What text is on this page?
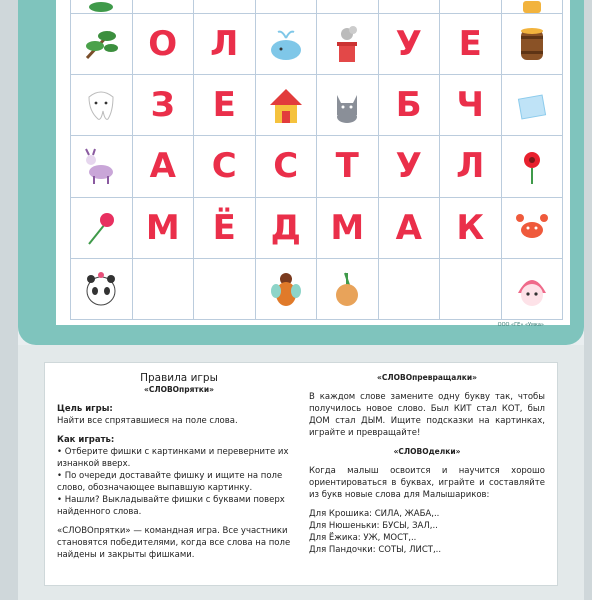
О Л	У Е
З Е	Б Ч
А С С Т У Л
М Ё Д М А К
ООО «ГЕ» «Умка»

Правила игры

«СЛОВОпрятки»

Цель игры:

Найти все спрятавшиеся на поле слова.

Как играть:

• Отберите фишки с картинками и переверните их изнанкой вверх.

• По очереди доставайте фишку и ищите на поле слово, обозначающее выпавшую картинку.

• Нашли? Выкладывайте фишки с буквами поверх найденного слова.

«СЛОВОпрятки» — командная игра. Все участники становятся победителями, когда все слова на поле найдены и закрыты фишками.

«СЛОВОпревращалки»

В каждом слове замените одну букву так, чтобы получилось новое слово. Был КИТ стал КОТ, был ДОМ стал ДЫМ. Ищите подсказки на картинках, играйте и превращайте!

«СЛОВОделки»

Когда малыш освоится и научится хорошо ориентироваться в буквах, играйте и составляйте из букв новые слова для Малышариков:

Для Крошика: СИЛА, ЖАБА,..

Для Нюшеньки: БУСЫ, ЗАЛ,..

Для Ёжика: УЖ, МОСТ,..

Для Пандочки: СОТЫ, ЛИСТ,..
